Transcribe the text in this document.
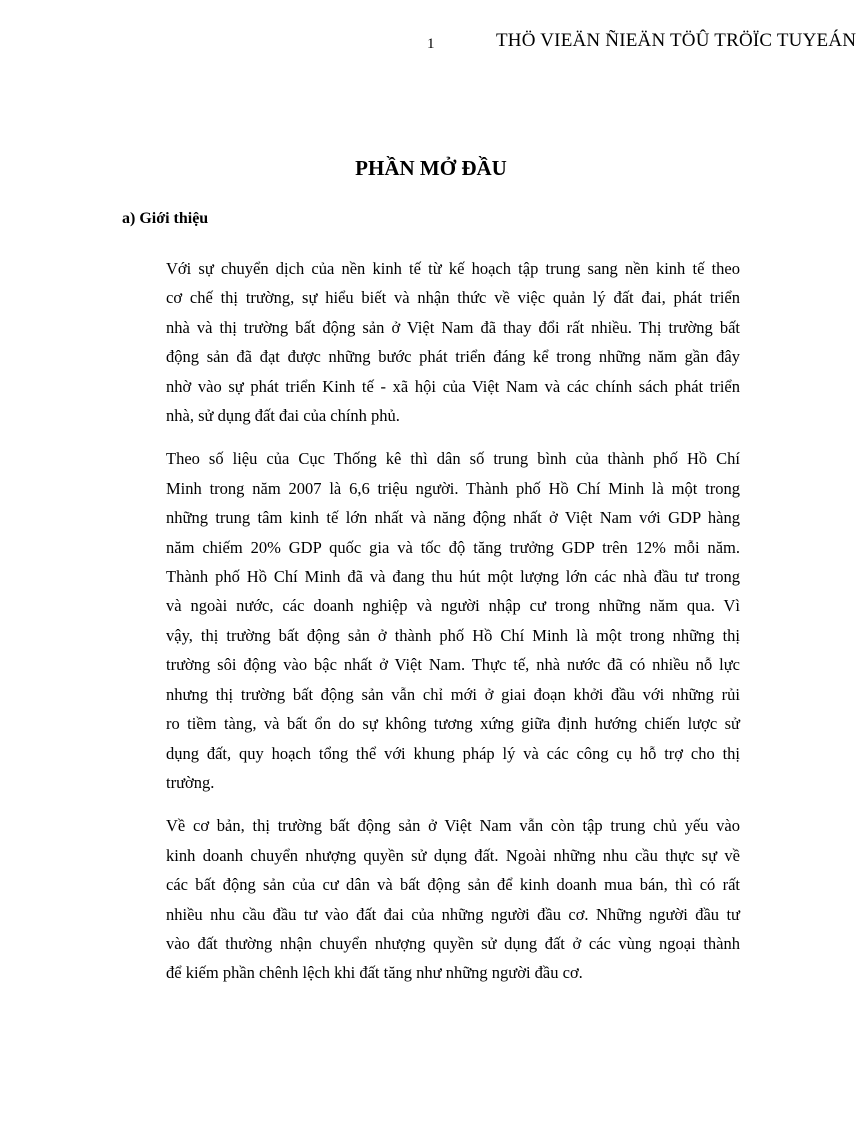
1	THÖ VIEÄN ÑIEÄN TÖÛ TRÖÏC TUYEÁN
PHẦN MỞ ĐẦU
a) Giới thiệu

Với sự chuyển dịch của nền kinh tế từ kế hoạch tập trung sang nền kinh tế theo
cơ chế thị trường, sự hiểu biết và nhận thức về việc quản lý đất đai, phát triển
nhà và thị trường bất động sản ở Việt Nam đã thay đổi rất nhiều. Thị trường bất
động sản đã đạt được những bước phát triển đáng kể trong những năm gần đây
nhờ vào sự phát triển Kinh tế - xã hội của Việt Nam và các chính sách phát triển
nhà, sử dụng đất đai của chính phủ.

Theo số liệu của Cục Thống kê thì dân số trung bình của thành phố Hồ Chí
Minh trong năm 2007 là 6,6 triệu người. Thành phố Hồ Chí Minh là một trong
những trung tâm kinh tế lớn nhất và năng động nhất ở Việt Nam với GDP hàng
năm chiếm 20% GDP quốc gia và tốc độ tăng trưởng GDP trên 12% mỗi năm.
Thành phố Hồ Chí Minh đã và đang thu hút một lượng lớn các nhà đầu tư trong
và ngoài nước, các doanh nghiệp và người nhập cư trong những năm qua. Vì
vậy, thị trường bất động sản ở thành phố Hồ Chí Minh là một trong những thị
trường sôi động vào bậc nhất ở Việt Nam. Thực tế, nhà nước đã có nhiều nỗ lực
nhưng thị trường bất động sản vẫn chỉ mới ở giai đoạn khởi đầu với những rủi
ro tiềm tàng, và bất ổn do sự không tương xứng giữa định hướng chiến lược sử
dụng đất, quy hoạch tổng thể với khung pháp lý và các công cụ hỗ trợ cho thị
trường.

Về cơ bản, thị trường bất động sản ở Việt Nam vẫn còn tập trung chủ yếu vào
kinh doanh chuyển nhượng quyền sử dụng đất. Ngoài những nhu cầu thực sự về
các bất động sản của cư dân và bất động sản để kinh doanh mua bán, thì có rất
nhiều nhu cầu đầu tư vào đất đai của những người đầu cơ. Những người đầu tư
vào đất thường nhận chuyển nhượng quyền sử dụng đất ở các vùng ngoại thành
để kiếm phần chênh lệch khi đất tăng như những người đầu cơ.
